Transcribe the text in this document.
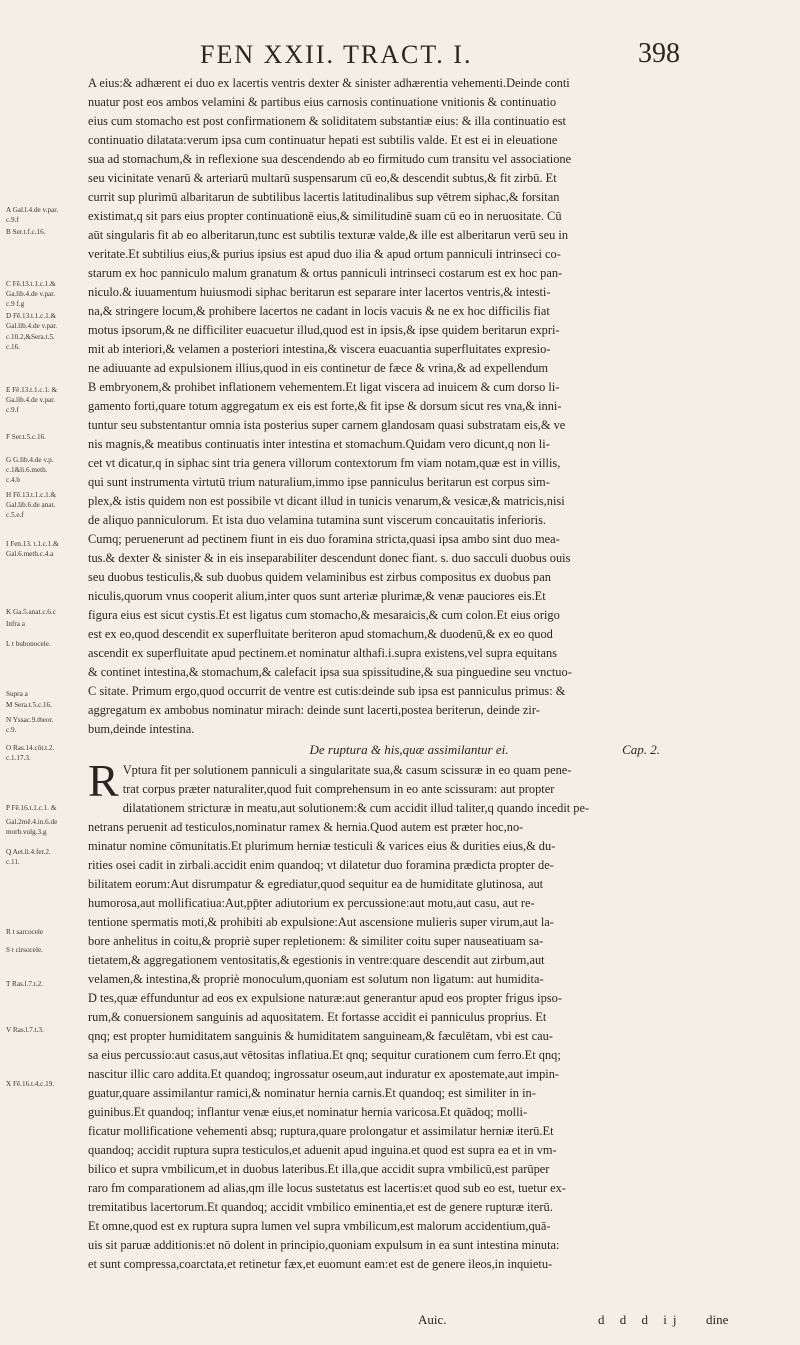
FEN XXII. TRACT. I.	398
A Gal.l.4.de v.par.
c.9.f
B Ser.t.f.c.16.
C Fē.13.t.1.c.1.&
Ga.lib.4.de v.par.
c.9 f.g
D Fē.13.t.1.c.1.&
Gal.lib.4.de v.par.
c.10.2,&Sera.t.5.
c.16.
E Fē.13.t.1.c.1. &
Ga.lib.4.de v.par.
c.9.f
F Ser.t.5.c.16.
G G.lib.4.de v.p.
c.1&li.6.meth.
c.4.b
H Fē.13.t.1.c.1.&
Gal.lib.6.de anat.
c.5.e.f
I Fen.13. t.1.c.1.&
Gal.6.meth.c.4.a
K Ga.5.anat.c.6.c
Infra a
L t bubonocele.
Supra a
M Sera.t.5.c.16.
N Yssac.9.theor.
c.9.
O Ras.14.cōt.t.2.
c.1.17.3.
P Fē.16.t.1.c.1. &
Gal.2mē.4.in.6.de
morb.vulg.3.g
Q Aet.li.4.fer.2.
c.11.
R t sarcocele
S t cirsocele.
T Ras.l.7.t.2.
V Ras.l.7.t.3.
X Fē.16.t.4.c.19.
A eius:& adhærent ei duo ex lacertis ventris dexter & sinister adhærentia vehementi.Deinde conti
nuatur post eos ambos velamini & partibus eius carnosis continuatione vnitionis & continuatio
eius cum stomacho est post confirmationem & soliditatem substantiæ eius: & illa continuatio est
continuatio dilatata:verum ipsa cum continuatur hepati est subtilis valde. Et est ei in eleuatione
sua ad stomachum,& in reflexione sua descendendo ab eo firmitudo cum transitu vel associatione
seu vicinitate venarū & arteriarū multarū suspensarum cū eo,& descendit subtus,& fit zirbū. Et
currit sup plurimū albaritarun de subtilibus lacertis latitudinalibus sup vētrem siphac,& forsitan
existimat,q sit pars eius propter continuationē eius,& similitudinē suam cū eo in neruositate. Cū
aūt singularis fit ab eo alberitarun,tunc est subtilis texturæ valde,& ille est alberitarun verū seu in
veritate.Et subtilius eius,& purius ipsius est apud duo ilia & apud ortum panniculi intrinseci co-
starum ex hoc panniculo malum granatum & ortus panniculi intrinseci costarum est ex hoc pan-
niculo.& iuuamentum huiusmodi siphac beritarun est separare inter lacertos ventris,& intesti-
na,& stringere locum,& prohibere lacertos ne cadant in locis vacuis & ne ex hoc difficilis fiat
motus ipsorum,& ne difficiliter euacuetur illud,quod est in ipsis,& ipse quidem beritarun expri-
mit ab interiori,& velamen a posteriori intestina,& viscera euacuantia superfluitates expresio-
ne adiuuante ad expulsionem illius,quod in eis continetur de fæce & vrina,& ad expellendum
B embryonem,& prohibet inflationem vehementem.Et ligat viscera ad inuicem & cum dorso li-
gamento forti,quare totum aggregatum ex eis est forte,& fit ipse & dorsum sicut res vna,& inni-
tuntur seu substentantur omnia ista posterius super carnem glandosam quasi substratam eis,& ve
nis magnis,& meatibus continuatis inter intestina et stomachum.Quidam vero dicunt,q non li-
cet vt dicatur,q in siphac sint tria genera villorum contextorum fm viam notam,quæ est in villis,
qui sunt instrumenta virtutū trium naturalium,immo ipse panniculus beritarun est corpus sim-
plex,& istis quidem non est possibile vt dicant illud in tunicis venarum,& vesicæ,& matricis,nisi
de aliquo panniculorum. Et ista duo velamina tutamina sunt viscerum concauitatis inferioris.
Cumq; peruenerunt ad pectinem fiunt in eis duo foramina stricta,quasi ipsa ambo sint duo mea-
tus.& dexter & sinister & in eis inseparabiliter descendunt donec fiant. s. duo sacculi duobus ouis
seu duobus testiculis,& sub duobus quidem velaminibus est zirbus compositus ex duobus pan
niculis,quorum vnus cooperit alium,inter quos sunt arteriæ plurimæ,& venæ pauciores eis.Et
figura eius est sicut cystis.Et est ligatus cum stomacho,& mesaraicis,& cum colon.Et eius origo
est ex eo,quod descendit ex superfluitate beriteron apud stomachum,& duodenū,& ex eo quod
ascendit ex superfluitate apud pectinem.et nominatur althafi.i.supra existens,vel supra equitans
& continet intestina,& stomachum,& calefacit ipsa sua spissitudine,& sua pinguedine seu vnctuo-
C sitate. Primum ergo,quod occurrit de ventre est cutis:deinde sub ipsa est panniculus primus: &
aggregatum ex ambobus nominatur mirach: deinde sunt lacerti,postea beriterun, deinde zir-
bum,deinde intestina.
De ruptura & his,quæ assimilantur ei.	Cap. 2.
R Vptura fit per solutionem panniculi a singularitate sua,& casum scissuræ in eo quam pene-
trat corpus præter naturaliter,quod fuit comprehensum in eo ante scissuram: aut propter
dilatationem stricturæ in meatu,aut solutionem:& cum accidit illud taliter,q quando incedit pe-
netrans peruenit ad testiculos,nominatur ramex & hernia.Quod autem est præter hoc,no-
minatur nomine cōmunitatis.Et plurimum herniæ testiculi & varices eius & durities eius,& du-
rities osei cadit in zirbali.accidit enim quandoq; vt dilatetur duo foramina prædicta propter de-
bilitatem eorum:Aut disrumpatur & egrediatur,quod sequitur ea de humiditate glutinosa, aut
humorosa,aut mollificatiua:Aut,pp̄ter adiutorium ex percussione:aut motu,aut casu, aut re-
tentione spermatis moti,& prohibiti ab expulsione:Aut ascensione mulieris super virum,aut la-
bore anhelitus in coitu,& propriè super repletionem: & similiter coitu super nauseatiuam sa-
tietatem,& aggregationem ventositatis,& egestionis in ventre:quare descendit aut zirbum,aut
velamen,& intestina,& propriè monoculum,quoniam est solutum non ligatum: aut humidita-
D tes,quæ effunduntur ad eos ex expulsione naturæ:aut generantur apud eos propter frigus ipso-
rum,& conuersionem sanguinis ad aquositatem. Et fortasse accidit ei panniculus proprius. Et
qnq; est propter humiditatem sanguinis & humiditatem sanguineam,& fæculētam, vbi est cau-
sa eius percussio:aut casus,aut vētositas inflatiua.Et qnq; sequitur curationem cum ferro.Et qnq;
nascitur illic caro addita.Et quandoq; ingrossatur oseum,aut induratur ex apostemate,aut impin-
guatur,quare assimilantur ramici,& nominatur hernia carnis.Et quandoq; est similiter in in-
guinibus.Et quandoq; inflantur venæ eius,et nominatur hernia varicosa.Et quādoq; molli-
ficatur mollificatione vehementi absq; ruptura,quare prolongatur et assimilatur herniæ iterū.Et
quandoq; accidit ruptura supra testiculos,et aduenit apud inguina.et quod est supra ea et in vm-
bilico et supra vmbilicum,et in duobus lateribus.Et illa,que accidit supra vmbilicū,est parūper
raro fm comparationem ad alias,qm ille locus sustetatus est lacertis:et quod sub eo est, tuetur ex-
tremitatibus lacertorum.Et quandoq; accidit vmbilico eminentia,et est de genere rupturæ iterū.
Et omne,quod est ex ruptura supra lumen vel supra vmbilicum,est malorum accidentium,quā-
uis sit paruæ additionis:et nō dolent in principio,quoniam expulsum in ea sunt intestina minuta:
et sunt compressa,coarctata,et retinetur fæx,et euomunt eam:et est de genere ileos,in inquietu-
Auic.	d d d ij dine
